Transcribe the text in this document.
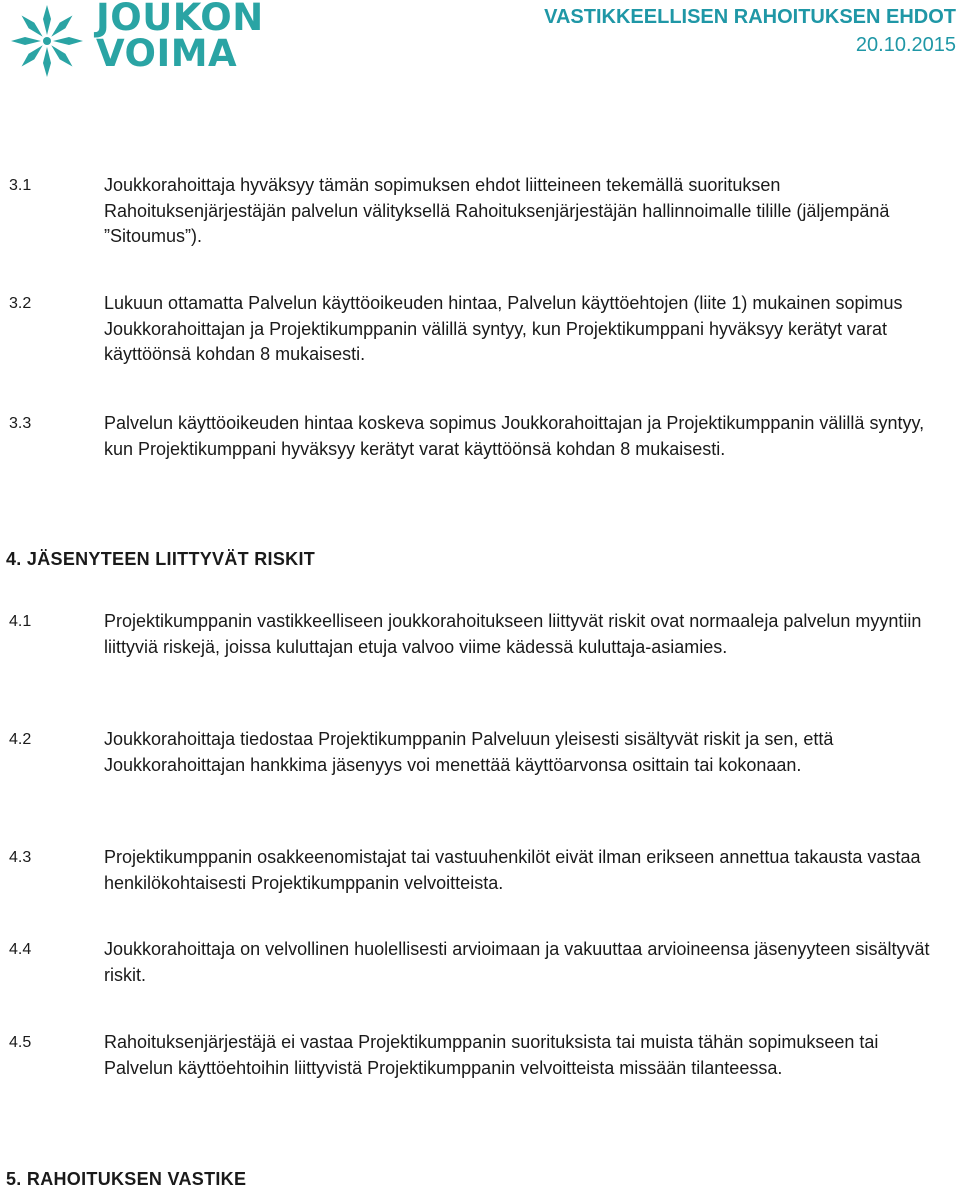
JOUKON
VOIMA
VASTIKKEELLISEN RAHOITUKSEN EHDOT
20.10.2015
3.1	Joukkorahoittaja hyväksyy tämän sopimuksen ehdot liitteineen tekemällä suorituksen Rahoituksenjärjestäjän palvelun välityksellä Rahoituksenjärjestäjän hallinnoimalle tilille (jäljempänä ”Sitoumus”).
3.2	Lukuun ottamatta Palvelun käyttöoikeuden hintaa, Palvelun käyttöehtojen (liite 1) mukainen sopimus Joukkorahoittajan ja Projektikumppanin välillä syntyy, kun Projektikumppani hyväksyy kerätyt varat käyttöönsä kohdan 8 mukaisesti.
3.3	Palvelun käyttöoikeuden hintaa koskeva sopimus Joukkorahoittajan ja Projektikumppanin välillä syntyy, kun Projektikumppani hyväksyy kerätyt varat käyttöönsä kohdan 8 mukaisesti.
4. JÄSENYTEEN LIITTYVÄT RISKIT
4.1	Projektikumppanin vastikkeelliseen joukkorahoitukseen liittyvät riskit ovat normaaleja palvelun myyntiin liittyviä riskejä, joissa kuluttajan etuja valvoo viime kädessä kuluttaja-asiamies.
4.2	Joukkorahoittaja tiedostaa Projektikumppanin Palveluun yleisesti sisältyvät riskit ja sen, että Joukkorahoittajan hankkima jäsenyys voi menettää käyttöarvonsa osittain tai kokonaan.
4.3	Projektikumppanin osakkeenomistajat tai vastuuhenkilöt eivät ilman erikseen annettua takausta vastaa henkilökohtaisesti Projektikumppanin velvoitteista.
4.4	Joukkorahoittaja on velvollinen huolellisesti arvioimaan ja vakuuttaa arvioineensa jäsenyyteen sisältyvät riskit.
4.5	Rahoituksenjärjestäjä ei vastaa Projektikumppanin suorituksista tai muista tähän sopimukseen tai Palvelun käyttöehtoihin liittyvistä Projektikumppanin velvoitteista missään tilanteessa.
5. RAHOITUKSEN VASTIKE
